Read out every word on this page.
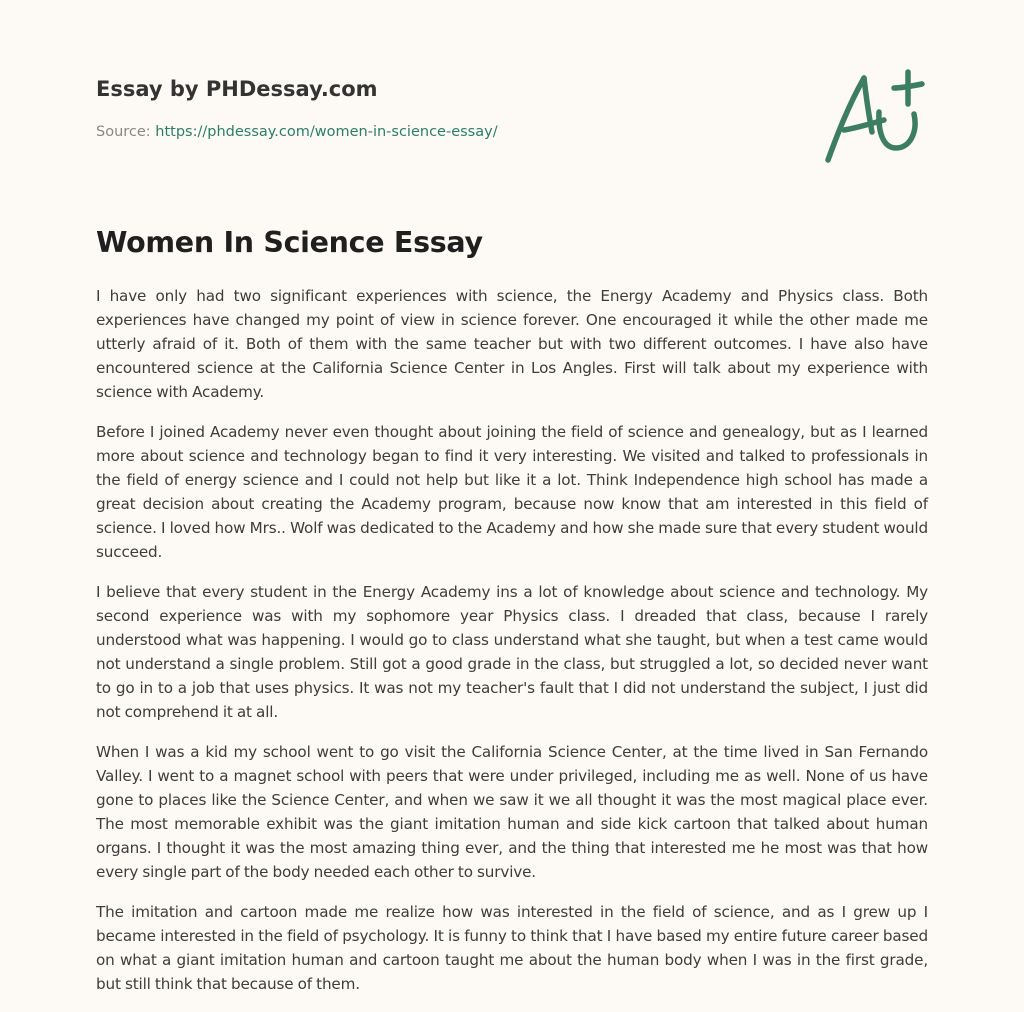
Essay by PHDessay.com

Source: https://phdessay.com/women-in-science-essay/

Women In Science Essay

I have only had two significant experiences with science, the Energy Academy and Physics class. Both experiences have changed my point of view in science forever. One encouraged it while the other made me utterly afraid of it. Both of them with the same teacher but with two different outcomes. I have also have encountered science at the California Science Center in Los Angles. First will talk about my experience with science with Academy.

Before I joined Academy never even thought about joining the field of science and genealogy, but as I learned more about science and technology began to find it very interesting. We visited and talked to professionals in the field of energy science and I could not help but like it a lot. Think Independence high school has made a great decision about creating the Academy program, because now know that am interested in this field of science. I loved how Mrs.. Wolf was dedicated to the Academy and how she made sure that every student would succeed.

I believe that every student in the Energy Academy ins a lot of knowledge about science and technology. My second experience was with my sophomore year Physics class. I dreaded that class, because I rarely understood what was happening. I would go to class understand what she taught, but when a test came would not understand a single problem. Still got a good grade in the class, but struggled a lot, so decided never want to go in to a job that uses physics. It was not my teacher's fault that I did not understand the subject, I just did not comprehend it at all.

When I was a kid my school went to go visit the California Science Center, at the time lived in San Fernando Valley. I went to a magnet school with peers that were under privileged, including me as well. None of us have gone to places like the Science Center, and when we saw it we all thought it was the most magical place ever. The most memorable exhibit was the giant imitation human and side kick cartoon that talked about human organs. I thought it was the most amazing thing ever, and the thing that interested me he most was that how every single part of the body needed each other to survive.

The imitation and cartoon made me realize how was interested in the field of science, and as I grew up I became interested in the field of psychology. It is funny to think that I have based my entire future career based on what a giant imitation human and cartoon taught me about the human body when I was in the first grade, but still think that because of them.
